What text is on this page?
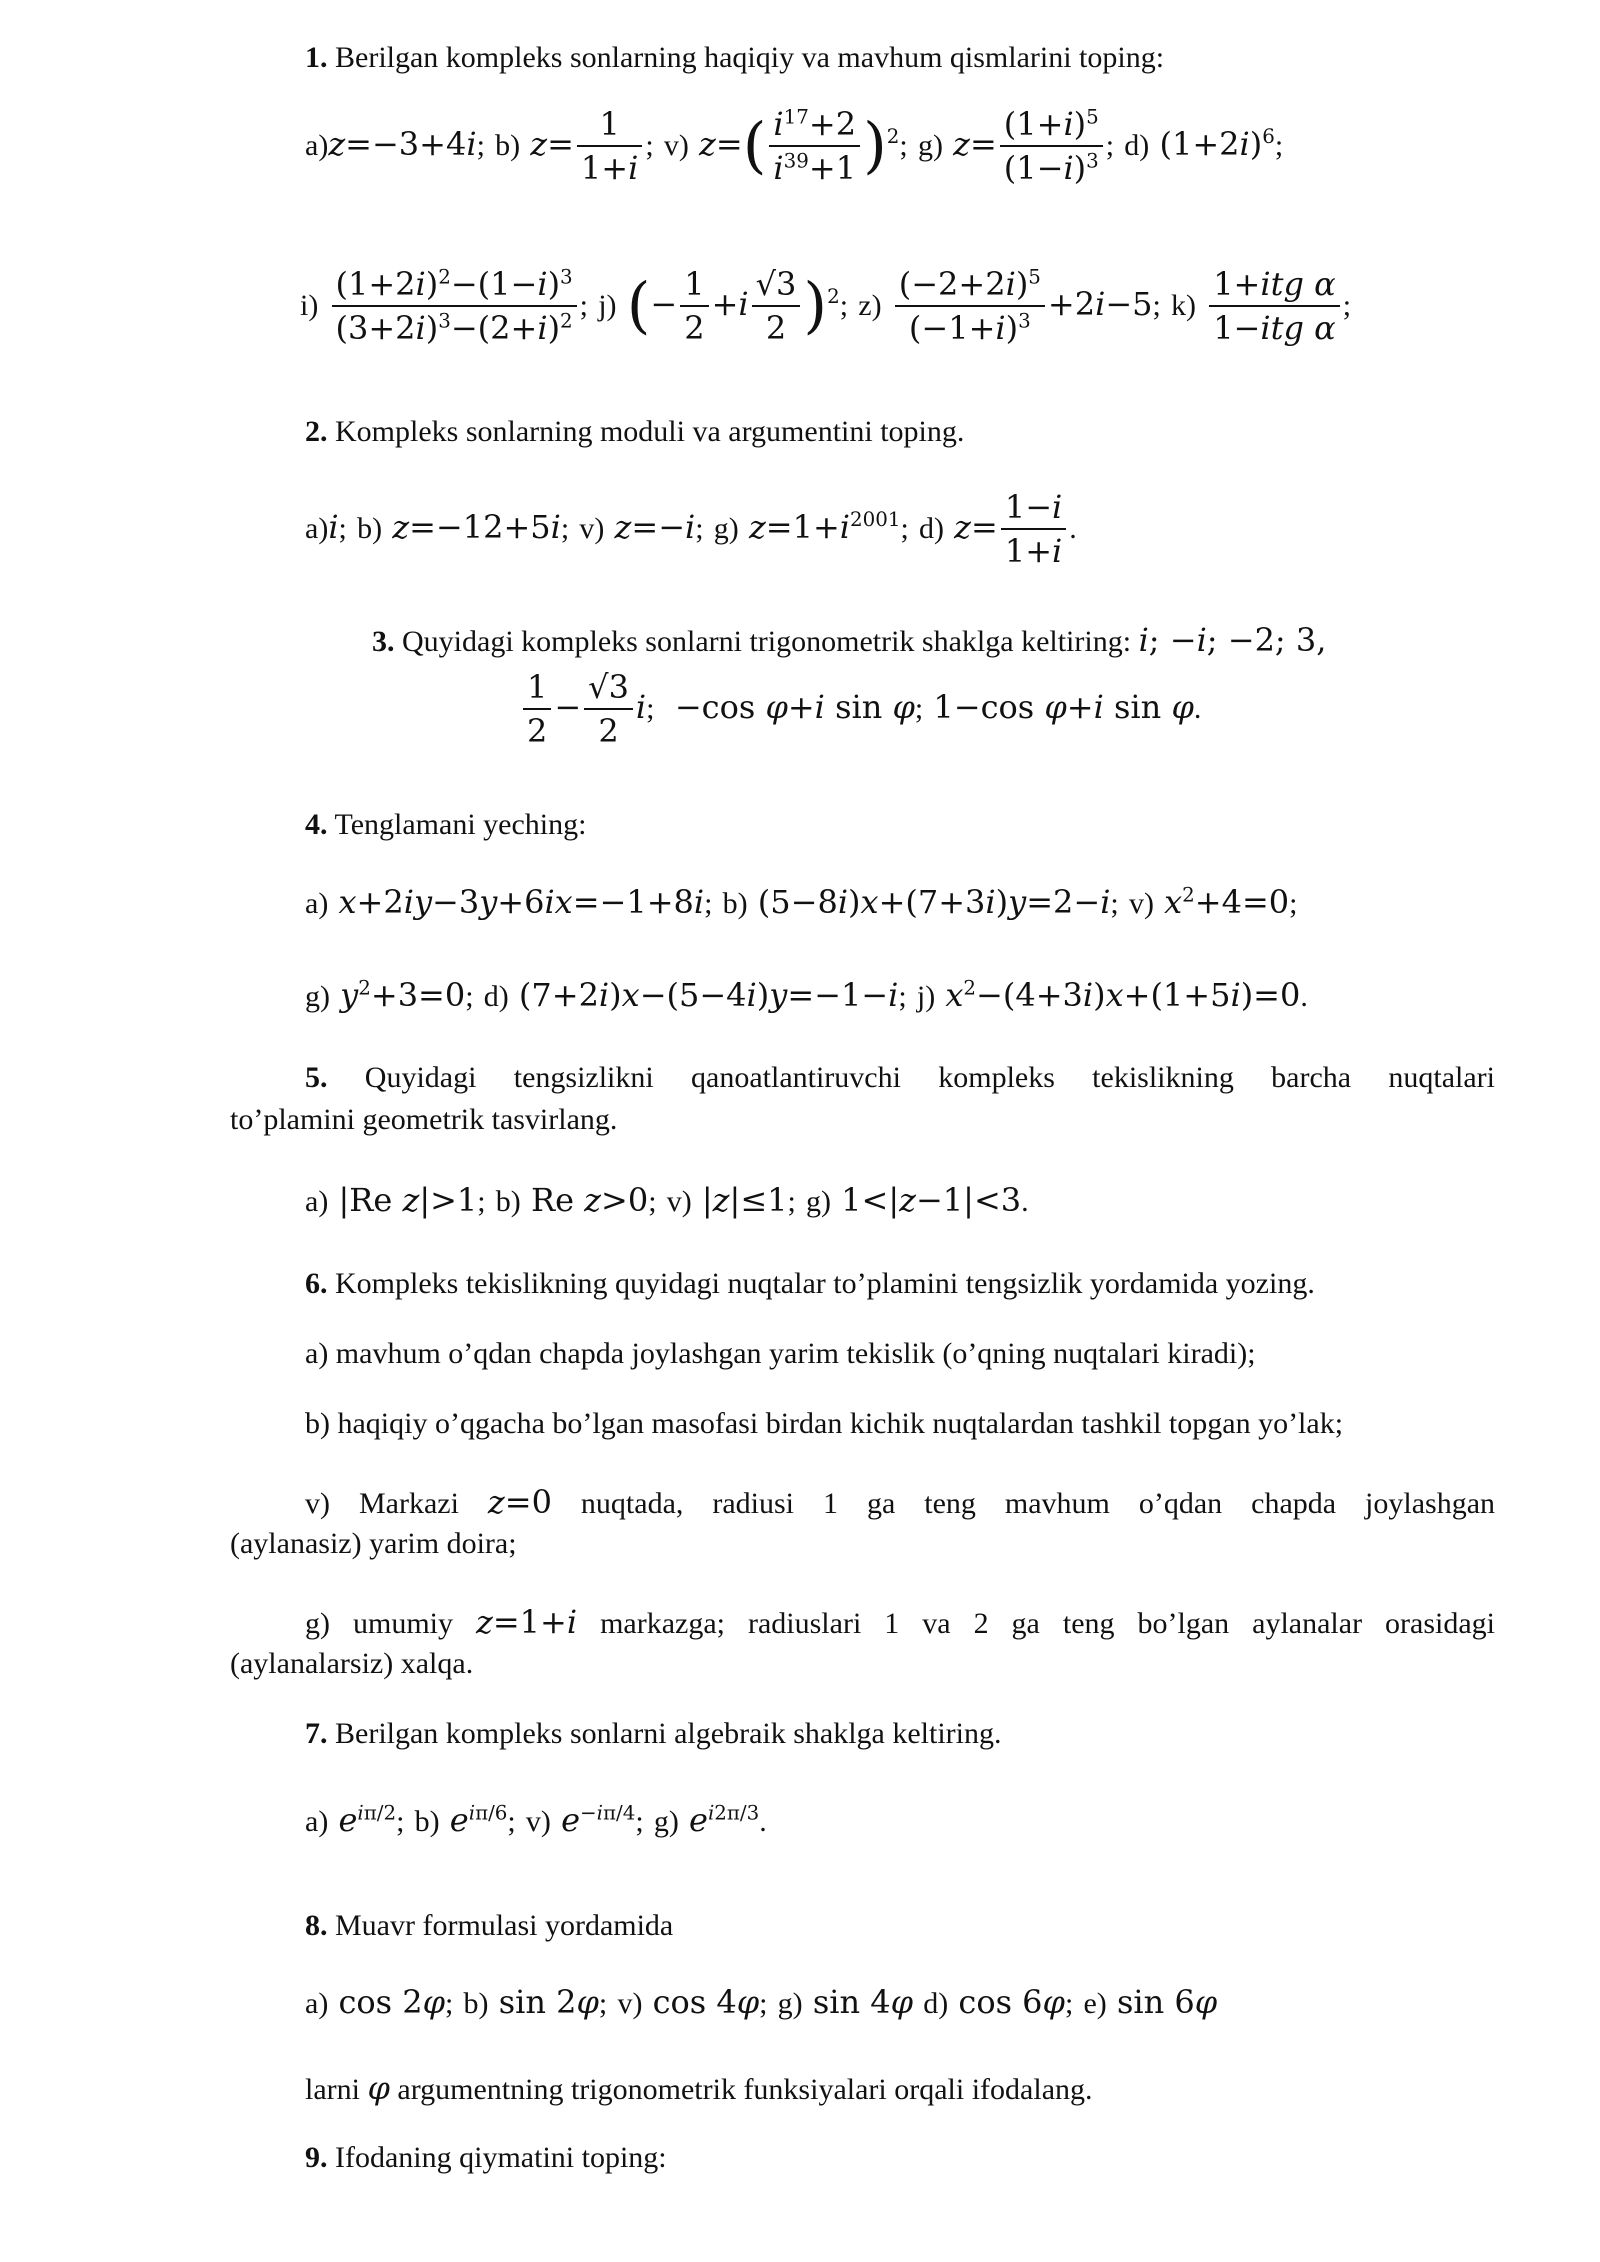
1. Berilgan kompleks sonlarning haqiqiy va mavhum qismlarini toping:
a)z=−3+4i; b) $z= \frac{1}{1+i}$ ; v) $z=( \frac{i^{17}+2}{i^{39}+1} )^2$; g) $z= \frac{(1+i)^5}{(1-i)^3}$ ; d) $(1+2i)^6$;
$i) \frac{(1+2i)^2-(1-i)^3}{(3+2i)^3-(2+i)^2}$ ; j) (− $\frac{1}{2} +i \frac{√3}{2} )^2$; $z) \frac{(-2+2i)^5}{(-1+i)^3} +2i-5$; $k) \frac{\text{1+itg α}}{\text{1−itg α}}$ ;
2. Kompleks sonlarning moduli va argumentini toping.
a)i; b) z=−12+5i; v) z=−i; g) $z=1+i^{2001}$; d) $z= \frac{1-i}{1+i}$ .
3. Quyidagi kompleks sonlarni trigonometrik shaklga keltiring: i; −i; −2; 3,
$\frac{1}{2} - \frac{√3}{2} i$;  −cos φ+i sin φ; 1−cos φ+i sin φ.
4. Tenglamani yeching:
a) x+2iy−3y+6ix=−1+8i; b) (5−8i)x+(7+3i)y=2−i; v) $x^2+4=0$;
g) $y^2+3=0$; d) (7+2i)x−(5−4i)y=−1−i; j) $x^2-(4+3i)x+(1+5i)=0$.
5. Quyidagi tengsizlikni qanoatlantiruvchi kompleks tekislikning barcha nuqtalari
to’plamini geometrik tasvirlang.
a) |Re z|>1; b) Re z>0; v) |z|≤1; g) 1<|z−1|<3.
6. Kompleks tekislikning quyidagi nuqtalar to’plamini tengsizlik yordamida yozing.
a) mavhum o’qdan chapda joylashgan yarim tekislik (o’qning nuqtalari kiradi);
b) haqiqiy o’qgacha bo’lgan masofasi birdan kichik nuqtalardan tashkil topgan yo’lak;
v) Markazi z=0 nuqtada, radiusi 1 ga teng mavhum o’qdan chapda joylashgan
(aylanasiz) yarim doira;
g) umumiy z=1+i markazga; radiuslari 1 va 2 ga teng bo’lgan aylanalar orasidagi
(aylanalarsiz) xalqa.
7. Berilgan kompleks sonlarni algebraik shaklga keltiring.
a) $e^{i\pi/2}$; b) $e^{i\pi/6}$; v) $e^{-i\pi/4}$; g) $e^{i2\pi/3}$.
8. Muavr formulasi yordamida
a) cos 2φ; b) sin 2φ; v) cos 4φ; g) sin 4φ d) cos 6φ; e) sin 6φ
larni φ argumentning trigonometrik funksiyalari orqali ifodalang.
9. Ifodaning qiymatini toping:
